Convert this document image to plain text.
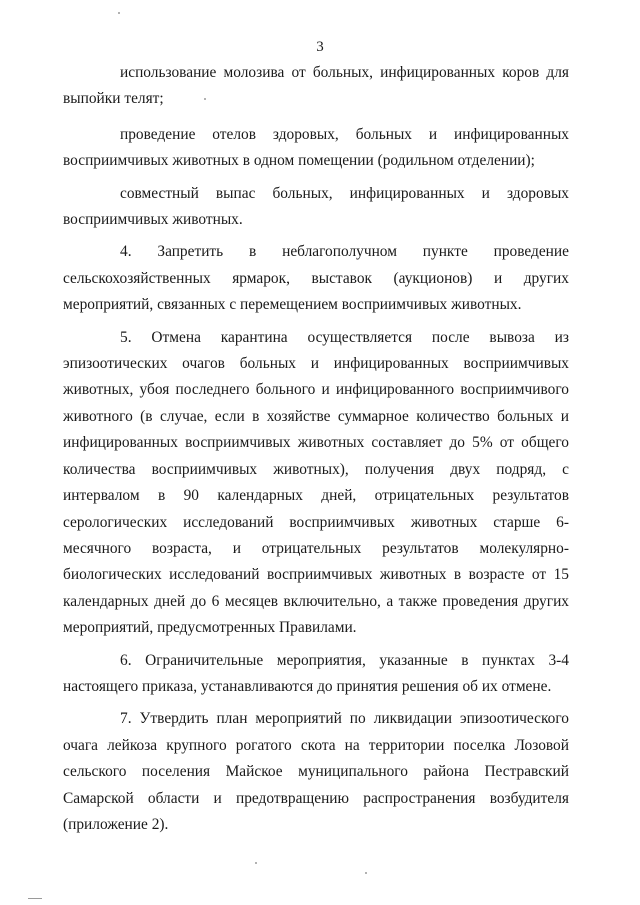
3
использование молозива от больных, инфицированных коров для
выпойки телят;
проведение отелов здоровых, больных и инфицированных
восприимчивых животных в одном помещении (родильном отделении);
совместный выпас больных, инфицированных и здоровых
восприимчивых животных.
4. Запретить в неблагополучном пункте проведение
сельскохозяйственных ярмарок, выставок (аукционов) и других
мероприятий, связанных с перемещением восприимчивых животных.
5. Отмена карантина осуществляется после вывоза из
эпизоотических очагов больных и инфицированных восприимчивых
животных, убоя последнего больного и инфицированного восприимчивого
животного (в случае, если в хозяйстве суммарное количество больных и
инфицированных восприимчивых животных составляет до 5% от общего
количества восприимчивых животных), получения двух подряд, с
интервалом в 90 календарных дней, отрицательных результатов
серологических исследований восприимчивых животных старше 6-
месячного возраста, и отрицательных результатов молекулярно-
биологических исследований восприимчивых животных в возрасте от 15
календарных дней до 6 месяцев включительно, а также проведения других
мероприятий, предусмотренных Правилами.
6. Ограничительные мероприятия, указанные в пунктах 3-4
настоящего приказа, устанавливаются до принятия решения об их отмене.
7. Утвердить план мероприятий по ликвидации эпизоотического
очага лейкоза крупного рогатого скота на территории поселка Лозовой
сельского поселения Майское муниципального района Пестравский
Самарской области и предотвращению распространения возбудителя
(приложение 2).
